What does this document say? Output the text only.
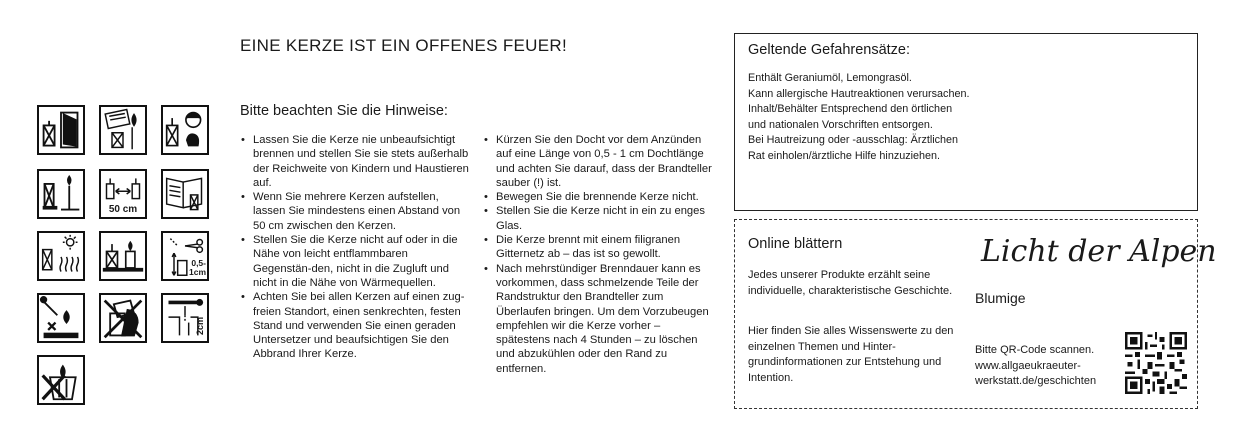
EINE KERZE IST EIN OFFENES FEUER!
50 cm
0,5-
1cm
2cm
Bitte beachten Sie die Hinweise:
• Lassen Sie die Kerze nie unbeaufsichtigt brennen und stellen Sie sie stets außerhalb der Reichweite von Kindern und Haustieren auf.
• Wenn Sie mehrere Kerzen aufstellen, lassen Sie mindestens einen Abstand von 50 cm zwischen den Kerzen.
• Stellen Sie die Kerze nicht auf oder in die Nähe von leicht entflammbaren Gegenstän-den, nicht in die Zugluft und nicht in die Nähe von Wärmequellen.
• Achten Sie bei allen Kerzen auf einen zug-freien Standort, einen senkrechten, festen Stand und verwenden Sie einen geraden Untersetzer und beaufsichtigen Sie den Abbrand Ihrer Kerze.
• Kürzen Sie den Docht vor dem Anzünden auf eine Länge von 0,5 - 1 cm Dochtlänge und achten Sie darauf, dass der Brandteller sauber (!) ist.
• Bewegen Sie die brennende Kerze nicht.
• Stellen Sie die Kerze nicht in ein zu enges Glas.
• Die Kerze brennt mit einem filigranen Gitternetz ab – das ist so gewollt.
• Nach mehrstündiger Brenndauer kann es vorkommen, dass schmelzende Teile der Randstruktur den Brandteller zum Überlaufen bringen. Um dem Vorzubeugen empfehlen wir die Kerze vorher – spätestens nach 4 Stunden – zu löschen und abzukühlen oder den Rand zu entfernen.
Geltende Gefahrensätze:

Enthält Geraniumöl, Lemongrasöl.

Kann allergische Hautreaktionen verursachen.

Inhalt/Behälter Entsprechend den örtlichen

und nationalen Vorschriften entsorgen.

Bei Hautreizung oder -ausschlag: Ärztlichen

Rat einholen/ärztliche Hilfe hinzuziehen.

Online blättern

Jedes unserer Produkte erzählt seine individuelle, charakteristische Geschichte.

Hier finden Sie alles Wissenswerte zu den einzelnen Themen und Hinter-grundinformationen zur Entstehung und Intention.

Licht der Alpen
Blumige
Bitte QR-Code scannen.
www.allgaeukraeuter-
werkstatt.de/geschichten
